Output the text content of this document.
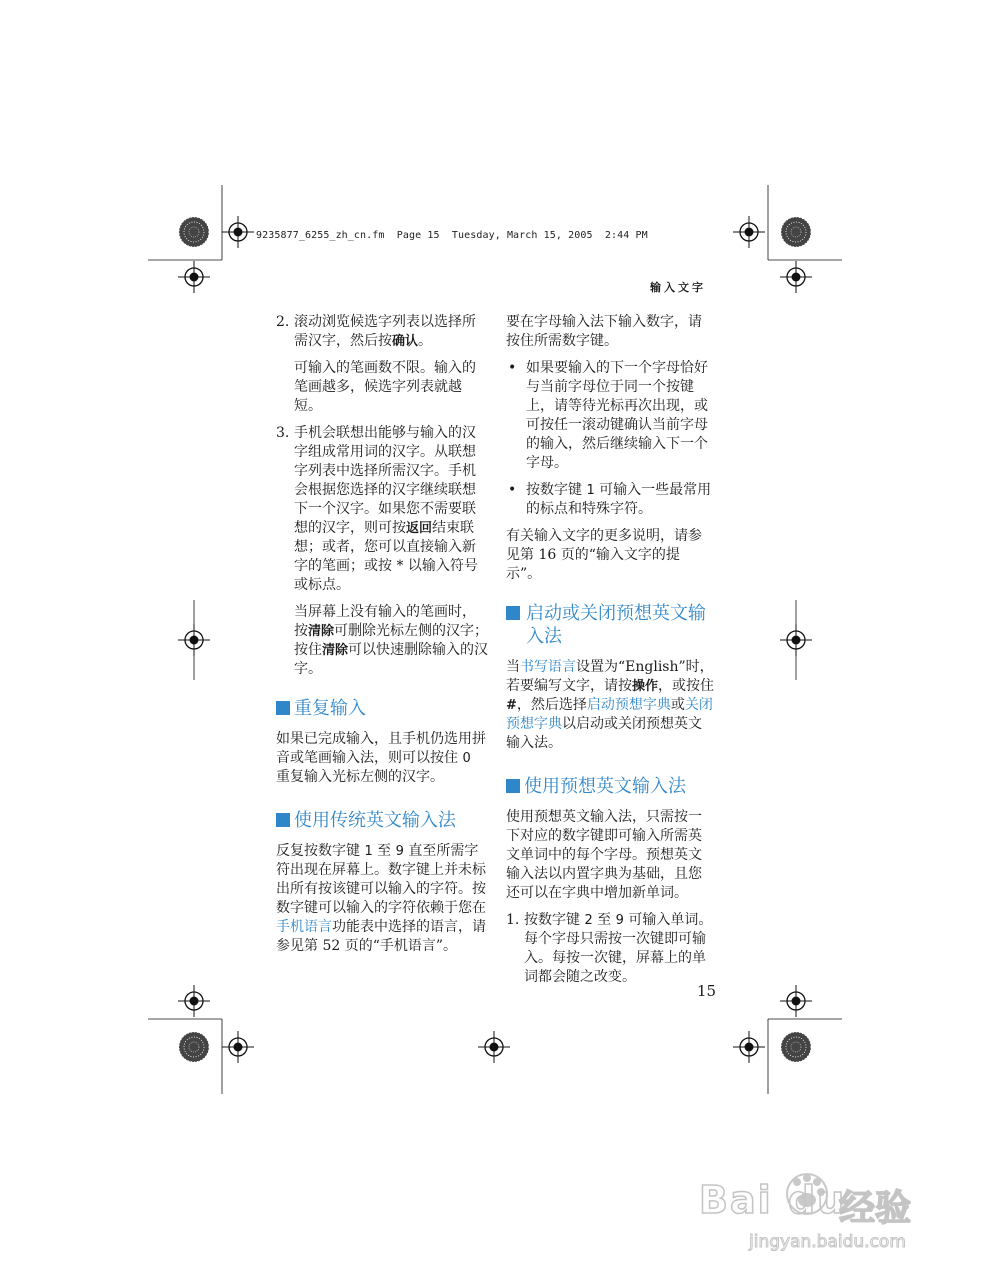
9235877_6255_zh_cn.fm  Page 15  Tuesday, March 15, 2005  2:44 PM
输入文字
2. 滚动浏览候选字列表以选择所需汉字，然后按确认。
可输入的笔画数不限。输入的笔画越多，候选字列表就越短。
3. 手机会联想出能够与输入的汉字组成常用词的汉字。从联想字列表中选择所需汉字。手机会根据您选择的汉字继续联想下一个汉字。如果您不需要联想的汉字，则可按返回结束联想；或者，您可以直接输入新字的笔画；或按 * 以输入符号或标点。
当屏幕上没有输入的笔画时，按清除可删除光标左侧的汉字；按住清除可以快速删除输入的汉字。
重复输入

如果已完成输入，且手机仍选用拼音或笔画输入法，则可以按住 0 重复输入光标左侧的汉字。

使用传统英文输入法

反复按数字键 1 至 9 直至所需字符出现在屏幕上。数字键上并未标出所有按该键可以输入的字符。按数字键可以输入的字符依赖于您在手机语言功能表中选择的语言，请参见第 52 页的“手机语言”。

要在字母输入法下输入数字，请按住所需数字键。

• 如果要输入的下一个字母恰好与当前字母位于同一个按键上，请等待光标再次出现，或可按任一滚动键确认当前字母的输入，然后继续输入下一个字母。
• 按数字键 1 可输入一些最常用的标点和特殊字符。

有关输入文字的更多说明，请参见第 16 页的“输入文字的提示”。

启动或关闭预想英文输入法

当书写语言设置为“English”时，若要编写文字，请按操作，或按住 #，然后选择启动预想字典或关闭预想字典以启动或关闭预想英文输入法。

使用预想英文输入法

使用预想英文输入法，只需按一下对应的数字键即可输入所需英文单词中的每个字母。预想英文输入法以内置字典为基础，且您还可以在字典中增加新单词。

1. 按数字键 2 至 9 可输入单词。每个字母只需按一次键即可输入。每按一次键，屏幕上的单词都会随之改变。
15
Bai du
经验
jingyan.baidu.com
